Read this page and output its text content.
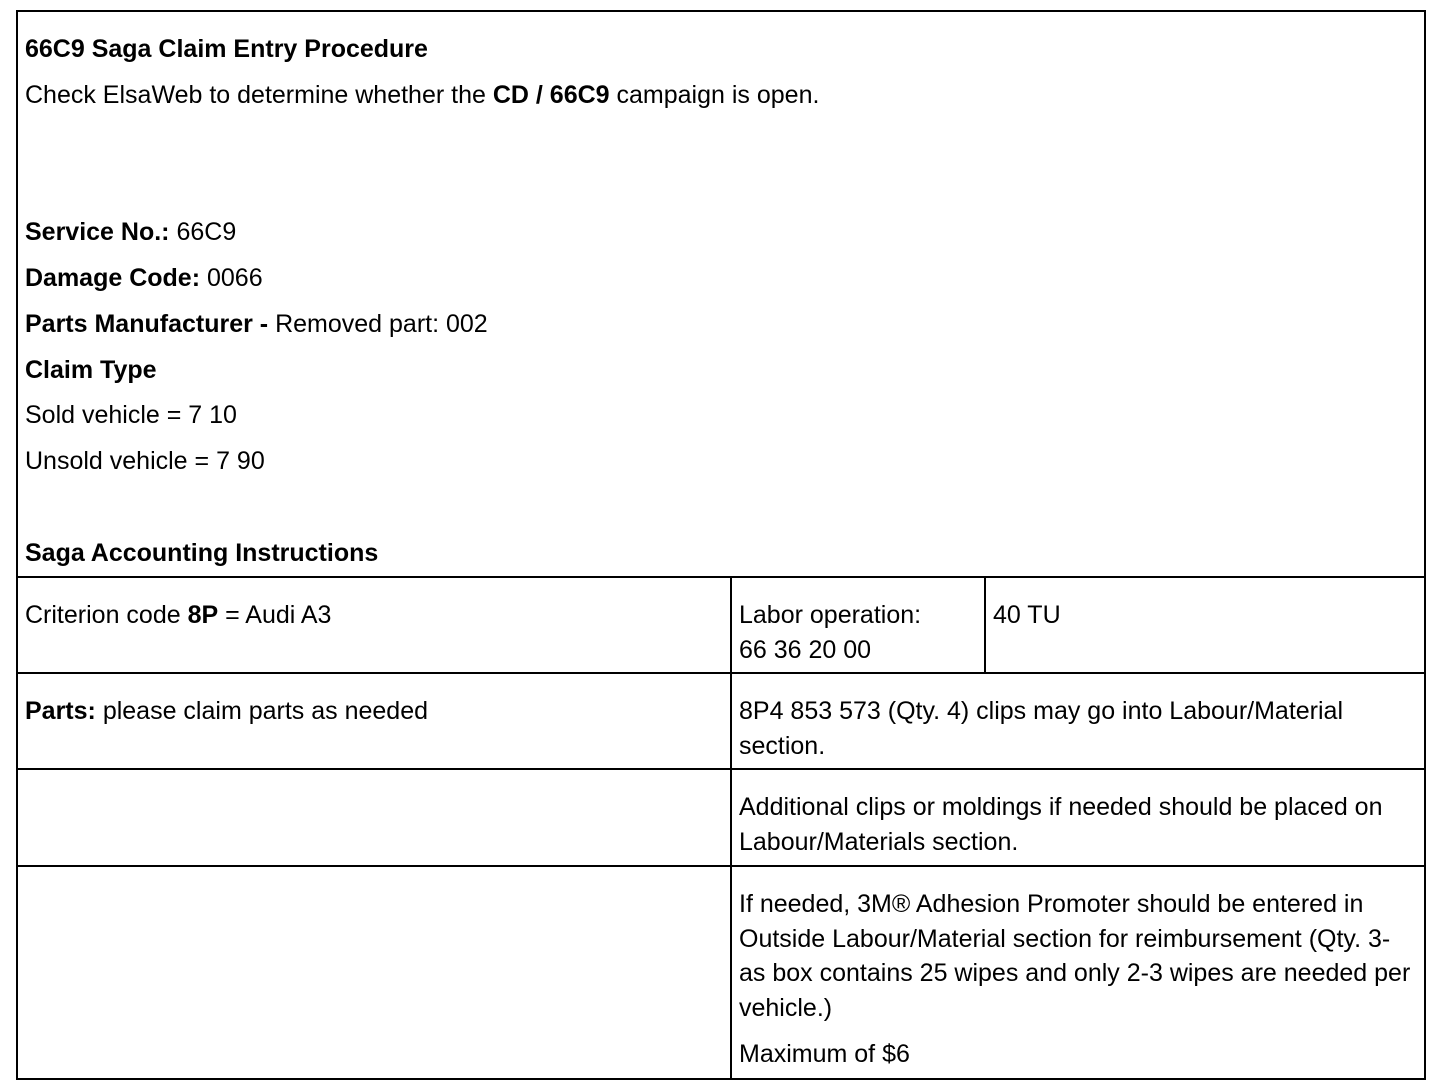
66C9 Saga Claim Entry Procedure
Check ElsaWeb to determine whether the CD / 66C9 campaign is open.
Service No.: 66C9
Damage Code: 0066
Parts Manufacturer - Removed part: 002
Claim Type
Sold vehicle = 7 10
Unsold vehicle = 7 90
Saga Accounting Instructions
Criterion code 8P = Audi A3	Labor operation:
66 36 20 00
40 TU
Parts: please claim parts as needed	8P4 853 573 (Qty. 4) clips may go into Labour/Material section.
Additional clips or moldings if needed should be placed on Labour/Materials section.
If needed, 3M® Adhesion Promoter should be entered in Outside Labour/Material section for reimbursement (Qty. 3- as box contains 25 wipes and only 2-3 wipes are needed per vehicle.)
Maximum of $6
